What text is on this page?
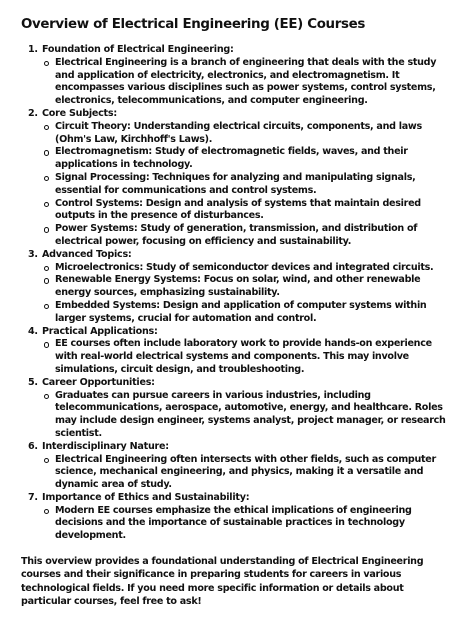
Overview of Electrical Engineering (EE) Courses
1. Foundation of Electrical Engineering:
Electrical Engineering is a branch of engineering that deals with the study and application of electricity, electronics, and electromagnetism. It encompasses various disciplines such as power systems, control systems, electronics, telecommunications, and computer engineering.
2. Core Subjects:
Circuit Theory: Understanding electrical circuits, components, and laws (Ohm's Law, Kirchhoff's Laws).
Electromagnetism: Study of electromagnetic fields, waves, and their applications in technology.
Signal Processing: Techniques for analyzing and manipulating signals, essential for communications and control systems.
Control Systems: Design and analysis of systems that maintain desired outputs in the presence of disturbances.
Power Systems: Study of generation, transmission, and distribution of electrical power, focusing on efficiency and sustainability.
3. Advanced Topics:
Microelectronics: Study of semiconductor devices and integrated circuits.
Renewable Energy Systems: Focus on solar, wind, and other renewable energy sources, emphasizing sustainability.
Embedded Systems: Design and application of computer systems within larger systems, crucial for automation and control.
4. Practical Applications:
EE courses often include laboratory work to provide hands-on experience with real-world electrical systems and components. This may involve simulations, circuit design, and troubleshooting.
5. Career Opportunities:
Graduates can pursue careers in various industries, including telecommunications, aerospace, automotive, energy, and healthcare. Roles may include design engineer, systems analyst, project manager, or research scientist.
6. Interdisciplinary Nature:
Electrical Engineering often intersects with other fields, such as computer science, mechanical engineering, and physics, making it a versatile and dynamic area of study.
7. Importance of Ethics and Sustainability:
Modern EE courses emphasize the ethical implications of engineering decisions and the importance of sustainable practices in technology development.

This overview provides a foundational understanding of Electrical Engineering courses and their significance in preparing students for careers in various technological fields. If you need more specific information or details about particular courses, feel free to ask!
